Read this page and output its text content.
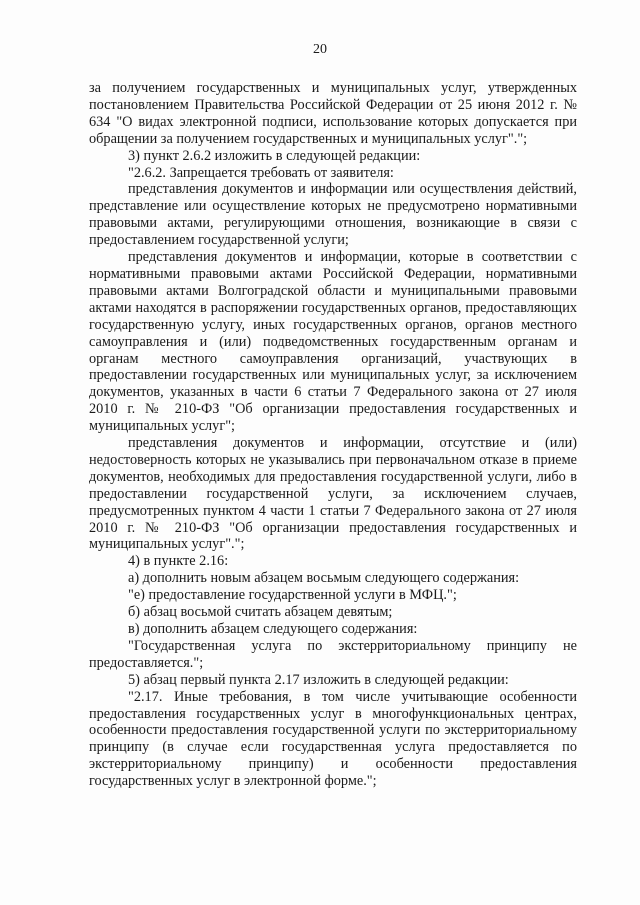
20

за получением государственных и муниципальных услуг, утвержденных постановлением Правительства Российской Федерации от 25 июня 2012 г. № 634 "О видах электронной подписи, использование которых допускается при обращении за получением государственных и муниципальных услуг".";

3) пункт 2.6.2 изложить в следующей редакции:

"2.6.2. Запрещается требовать от заявителя:

представления документов и информации или осуществления действий, представление или осуществление которых не предусмотрено нормативными правовыми актами, регулирующими отношения, возникающие в связи с предоставлением государственной услуги;

представления документов и информации, которые в соответствии с нормативными правовыми актами Российской Федерации, нормативными правовыми актами Волгоградской области и муниципальными правовыми актами находятся в распоряжении государственных органов, предоставляющих государственную услугу, иных государственных органов, органов местного самоуправления и (или) подведомственных государственным органам и органам местного самоуправления организаций, участвующих в предоставлении государственных или муниципальных услуг, за исключением документов, указанных в части 6 статьи 7 Федерального закона от 27 июля 2010 г. № 210-ФЗ "Об организации предоставления государственных и муниципальных услуг";

представления документов и информации, отсутствие и (или) недостоверность которых не указывались при первоначальном отказе в приеме документов, необходимых для предоставления государственной услуги, либо в предоставлении государственной услуги, за исключением случаев, предусмотренных пунктом 4 части 1 статьи 7 Федерального закона от 27 июля 2010 г. № 210-ФЗ "Об организации предоставления государственных и муниципальных услуг".";

4) в пункте 2.16:

а) дополнить новым абзацем восьмым следующего содержания:

"е) предоставление государственной услуги в МФЦ.";

б) абзац восьмой считать абзацем девятым;

в) дополнить абзацем следующего содержания:

"Государственная услуга по экстерриториальному принципу не предоставляется.";

5) абзац первый пункта 2.17 изложить в следующей редакции:

"2.17. Иные требования, в том числе учитывающие особенности предоставления государственных услуг в многофункциональных центрах, особенности предоставления государственной услуги по экстерриториальному принципу (в случае если государственная услуга предоставляется по экстерриториальному принципу) и особенности предоставления государственных услуг в электронной форме.";
